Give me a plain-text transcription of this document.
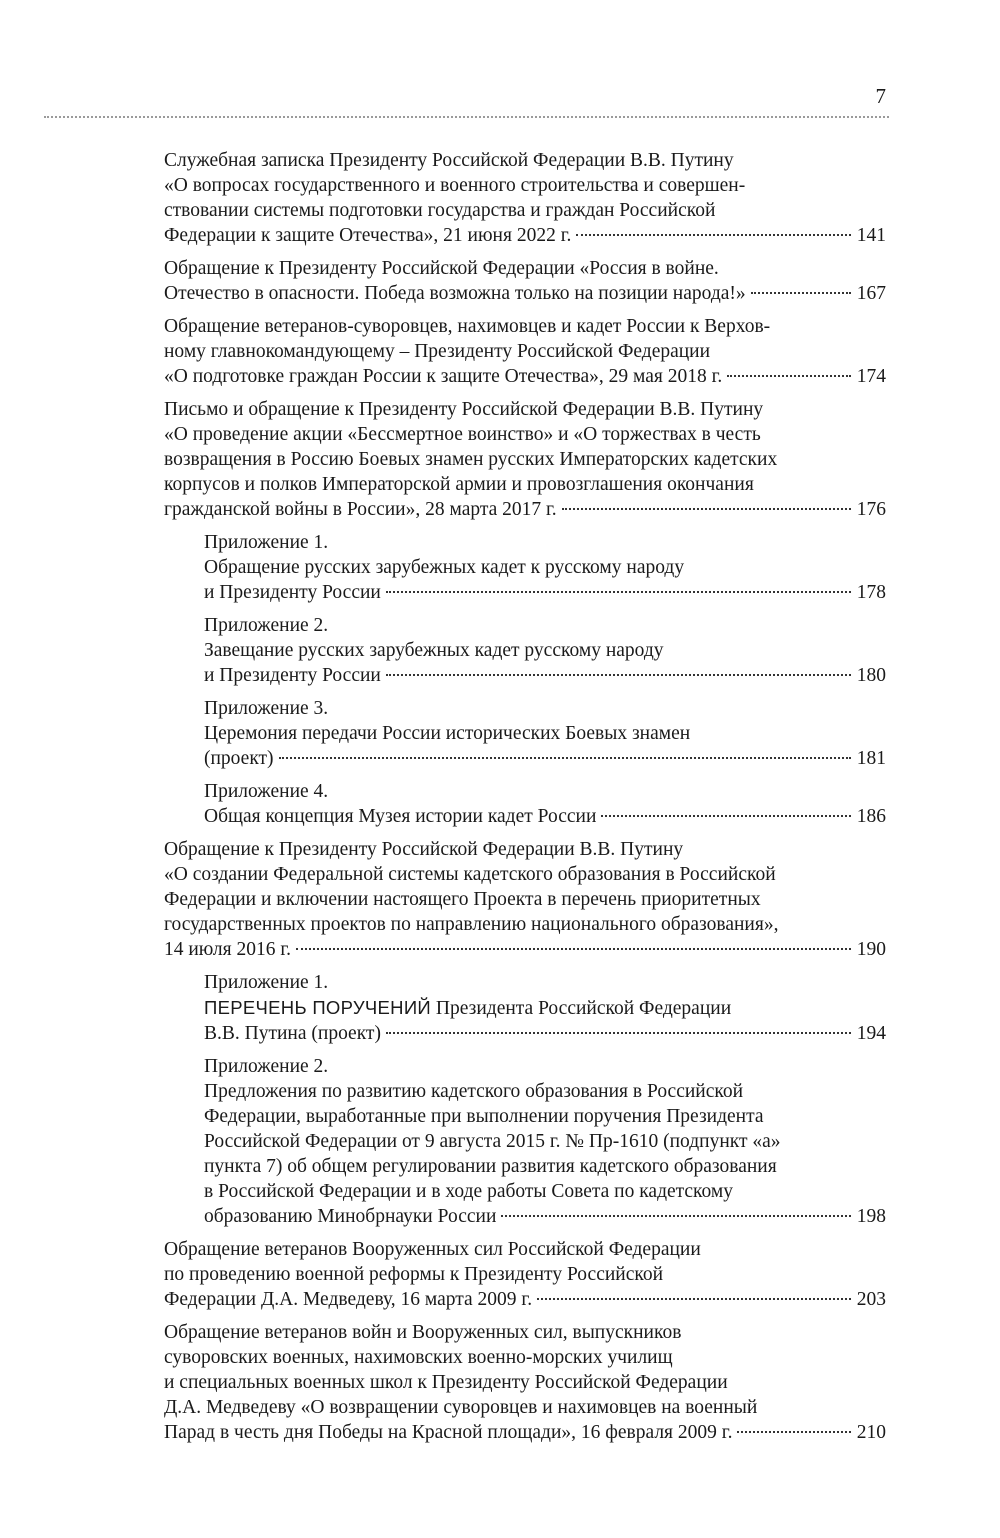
7
Служебная записка Президенту Российской Федерации В.В. Путину
«О вопросах государственного и военного строительства и совершен-
ствовании системы подготовки государства и граждан Российской
Федерации к защите Отечества», 21 июня 2022 г.	141
Обращение к Президенту Российской Федерации «Россия в войне.
Отечество в опасности. Победа возможна только на позиции народа!»	167
Обращение ветеранов-суворовцев, нахимовцев и кадет России к Верхов-
ному главнокомандующему – Президенту Российской Федерации
«О подготовке граждан России к защите Отечества», 29 мая 2018 г.	174
Письмо и обращение к Президенту Российской Федерации В.В. Путину
«О проведение акции «Бессмертное воинство» и «О торжествах в честь
возвращения в Россию Боевых знамен русских Императорских кадетских
корпусов и полков Императорской армии и провозглашения окончания
гражданской войны в России», 28 марта 2017 г.	176
Приложение 1.
Обращение русских зарубежных кадет к русскому народу
и Президенту России	178
Приложение 2.
Завещание русских зарубежных кадет русскому народу
и Президенту России	180
Приложение 3.
Церемония передачи России исторических Боевых знамен
(проект)	181
Приложение 4.
Общая концепция Музея истории кадет России	186
Обращение к Президенту Российской Федерации В.В. Путину
«О создании Федеральной системы кадетского образования в Российской
Федерации и включении настоящего Проекта в перечень приоритетных
государственных проектов по направлению национального образования»,
14 июля 2016 г.	190
Приложение 1.
ПЕРЕЧЕНЬ ПОРУЧЕНИЙ Президента Российской Федерации
В.В. Путина (проект)	194
Приложение 2.
Предложения по развитию кадетского образования в Российской
Федерации, выработанные при выполнении поручения Президента
Российской Федерации от 9 августа 2015 г. № Пр-1610 (подпункт «а»
пункта 7) об общем регулировании развития кадетского образования
в Российской Федерации и в ходе работы Совета по кадетскому
образованию Минобрнауки России	198
Обращение ветеранов Вооруженных сил Российской Федерации
по проведению военной реформы к Президенту Российской
Федерации Д.А. Медведеву, 16 марта 2009 г.	203
Обращение ветеранов войн и Вооруженных сил, выпускников
суворовских военных, нахимовских военно-морских училищ
и специальных военных школ к Президенту Российской Федерации
Д.А. Медведеву «О возвращении суворовцев и нахимовцев на военный
Парад в честь дня Победы на Красной площади», 16 февраля 2009 г.	210
